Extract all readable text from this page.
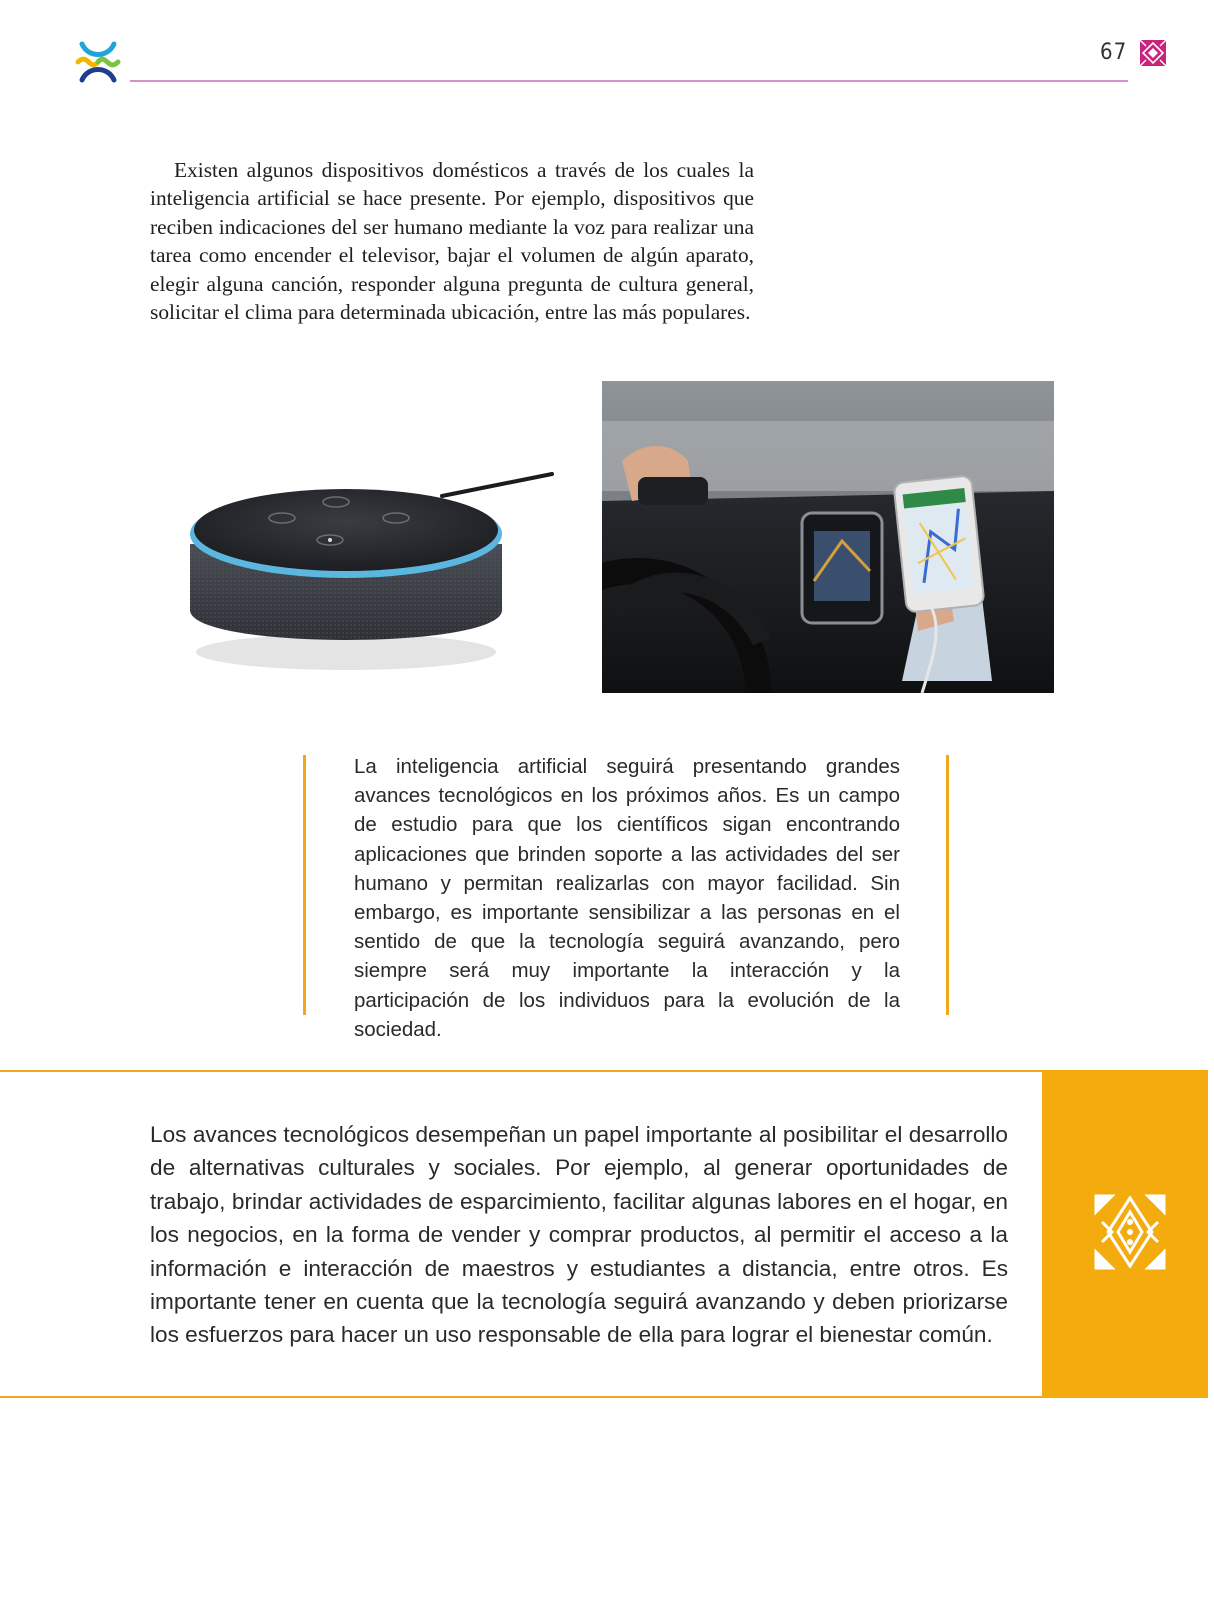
67

Existen algunos dispositivos domésticos a través de los cuales la inteligencia artificial se hace presente. Por ejemplo, dispositivos que reciben indicaciones del ser humano mediante la voz para realizar una tarea como encender el televisor, bajar el volumen de algún aparato, elegir alguna canción, responder alguna pregunta de cultura general, solicitar el clima para determinada ubicación, entre las más populares.

La inteligencia artificial seguirá presentando grandes avances tecnológicos en los próximos años. Es un campo de estudio para que los científicos sigan encontrando aplicaciones que brinden soporte a las actividades del ser humano y permitan realizarlas con mayor facilidad. Sin embargo, es importante sensibilizar a las personas en el sentido de que la tecnología seguirá avanzando, pero siempre será muy importante la interacción y la participación de los individuos para la evolución de la sociedad.

Los avances tecnológicos desempeñan un papel importante al posibilitar el desarrollo de alternativas culturales y sociales. Por ejemplo, al generar oportunidades de trabajo, brindar actividades de esparcimiento, facilitar algunas labores en el hogar, en los negocios, en la forma de vender y comprar productos, al permitir el acceso a la información e interacción de maestros y estudiantes a distancia, entre otros. Es importante tener en cuenta que la tecnología seguirá avanzando y deben priorizarse los esfuerzos para hacer un uso responsable de ella para lograr el bienestar común.
